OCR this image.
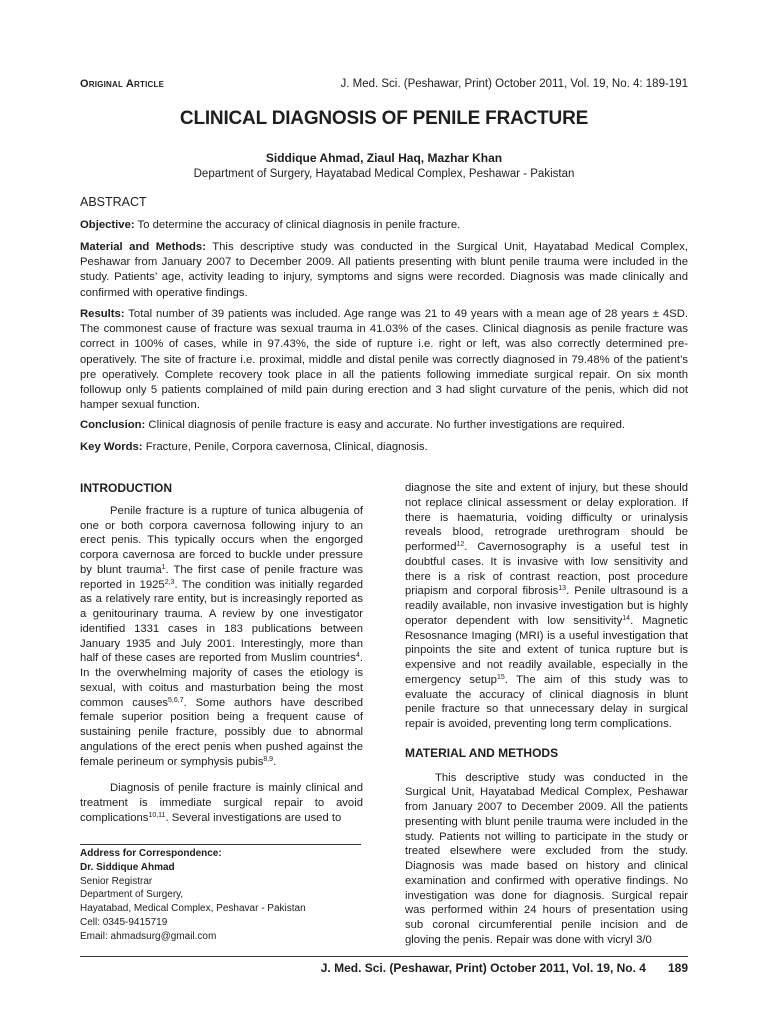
Original Article	J. Med. Sci. (Peshawar, Print) October 2011, Vol. 19, No. 4: 189-191
CLINICAL DIAGNOSIS OF PENILE FRACTURE
Siddique Ahmad, Ziaul Haq, Mazhar Khan
Department of Surgery, Hayatabad Medical Complex, Peshawar - Pakistan
ABSTRACT
Objective: To determine the accuracy of clinical diagnosis in penile fracture.
Material and Methods: This descriptive study was conducted in the Surgical Unit, Hayatabad Medical Complex, Peshawar from January 2007 to December 2009. All patients presenting with blunt penile trauma were included in the study. Patients’ age, activity leading to injury, symptoms and signs were recorded. Diagnosis was made clinically and confirmed with operative findings.
Results: Total number of 39 patients was included. Age range was 21 to 49 years with a mean age of 28 years ± 4SD. The commonest cause of fracture was sexual trauma in 41.03% of the cases. Clinical diagnosis as penile fracture was correct in 100% of cases, while in 97.43%, the side of rupture i.e. right or left, was also correctly determined pre-operatively. The site of fracture i.e. proximal, middle and distal penile was correctly diagnosed in 79.48% of the patient’s pre operatively. Complete recovery took place in all the patients following immediate surgical repair. On six month followup only 5 patients complained of mild pain during erection and 3 had slight curvature of the penis, which did not hamper sexual function.
Conclusion: Clinical diagnosis of penile fracture is easy and accurate. No further investigations are required.
Key Words: Fracture, Penile, Corpora cavernosa, Clinical, diagnosis.
INTRODUCTION

Penile fracture is a rupture of tunica albugenia of one or both corpora cavernosa following injury to an erect penis. This typically occurs when the engorged corpora cavernosa are forced to buckle under pressure by blunt trauma$^1$. The first case of penile fracture was reported in 1925$^{2,3}$. The condition was initially regarded as a relatively rare entity, but is increasingly reported as a genitourinary trauma. A review by one investigator identified 1331 cases in 183 publications between January 1935 and July 2001. Interestingly, more than half of these cases are reported from Muslim countries$^4$. In the overwhelming majority of cases the etiology is sexual, with coitus and masturbation being the most common causes$^{5,6,7}$. Some authors have described female superior position being a frequent cause of sustaining penile fracture, possibly due to abnormal angulations of the erect penis when pushed against the female perineum or symphysis pubis$^{8,9}$.

Diagnosis of penile fracture is mainly clinical and treatment is immediate surgical repair to avoid complications$^{10,11}$. Several investigations are used to

Address for Correspondence:
Dr. Siddique Ahmad
Senior Registrar
Department of Surgery,
Hayatabad, Medical Complex, Peshavar - Pakistan
Cell: 0345-9415719
Email: ahmadsurg@gmail.com
diagnose the site and extent of injury, but these should not replace clinical assessment or delay exploration. If there is haematuria, voiding difficulty or urinalysis reveals blood, retrograde urethrogram should be performed$^{12}$. Cavernosography is a useful test in doubtful cases. It is invasive with low sensitivity and there is a risk of contrast reaction, post procedure priapism and corporal fibrosis$^{13}$. Penile ultrasound is a readily available, non invasive investigation but is highly operator dependent with low sensitivity$^{14}$. Magnetic Resosnance Imaging (MRI) is a useful investigation that pinpoints the site and extent of tunica rupture but is expensive and not readily available, especially in the emergency setup$^{15}$. The aim of this study was to evaluate the accuracy of clinical diagnosis in blunt penile fracture so that unnecessary delay in surgical repair is avoided, preventing long term complications.
MATERIAL AND METHODS

This descriptive study was conducted in the Surgical Unit, Hayatabad Medical Complex, Peshawar from January 2007 to December 2009. All the patients presenting with blunt penile trauma were included in the study. Patients not willing to participate in the study or treated elsewhere were excluded from the study. Diagnosis was made based on history and clinical examination and confirmed with operative findings. No investigation was done for diagnosis. Surgical repair was performed within 24 hours of presentation using sub coronal circumferential penile incision and de gloving the penis. Repair was done with vicryl 3/0

J. Med. Sci. (Peshawar, Print) October 2011, Vol. 19, No. 4 189
